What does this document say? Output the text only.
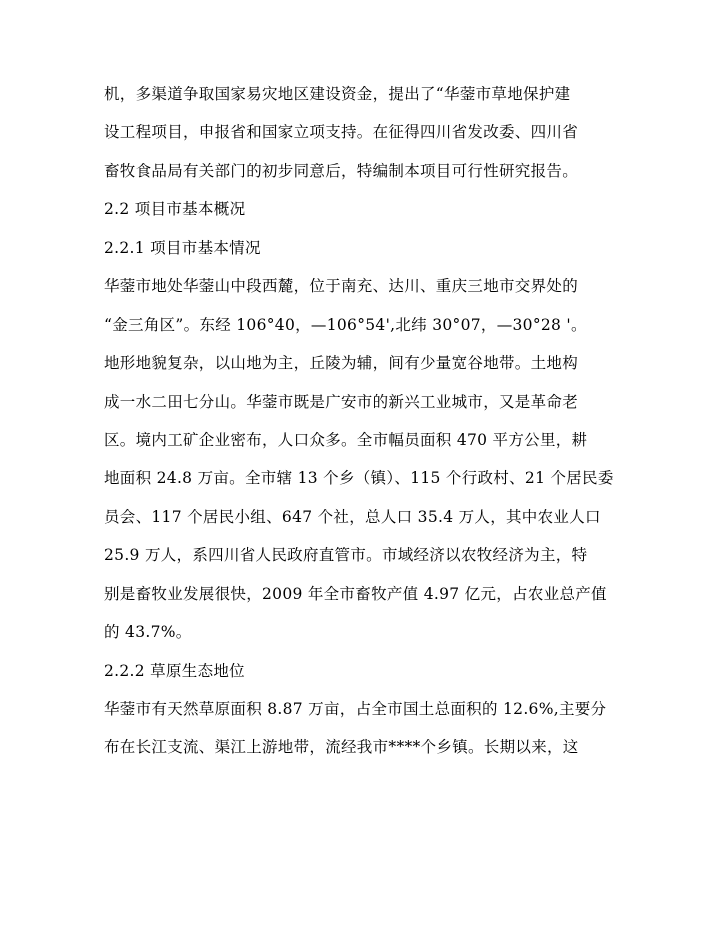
机，多渠道争取国家易灾地区建设资金，提出了“华蓥市草地保护建
设工程项目，申报省和国家立项支持。在征得四川省发改委、四川省
畜牧食品局有关部门的初步同意后，特编制本项目可行性研究报告。
2.2 项目市基本概况
2.2.1 项目市基本情况
华蓥市地处华蓥山中段西麓，位于南充、达川、重庆三地市交界处的
“金三角区”。东经 106°40，—106°54',北纬 30°07，—30°28 '。
地形地貌复杂，以山地为主，丘陵为辅，间有少量宽谷地带。土地构
成一水二田七分山。华蓥市既是广安市的新兴工业城市，又是革命老
区。境内工矿企业密布，人口众多。全市幅员面积 470 平方公里，耕
地面积 24.8 万亩。全市辖 13 个乡（镇）、115 个行政村、21 个居民委
员会、117 个居民小组、647 个社，总人口 35.4 万人，其中农业人口
25.9 万人，系四川省人民政府直管市。市域经济以农牧经济为主，特
别是畜牧业发展很快，2009 年全市畜牧产值 4.97 亿元，占农业总产值
的 43.7%。
2.2.2 草原生态地位
华蓥市有天然草原面积 8.87 万亩，占全市国土总面积的 12.6%,主要分
布在长江支流、渠江上游地带，流经我市****个乡镇。长期以来，这
